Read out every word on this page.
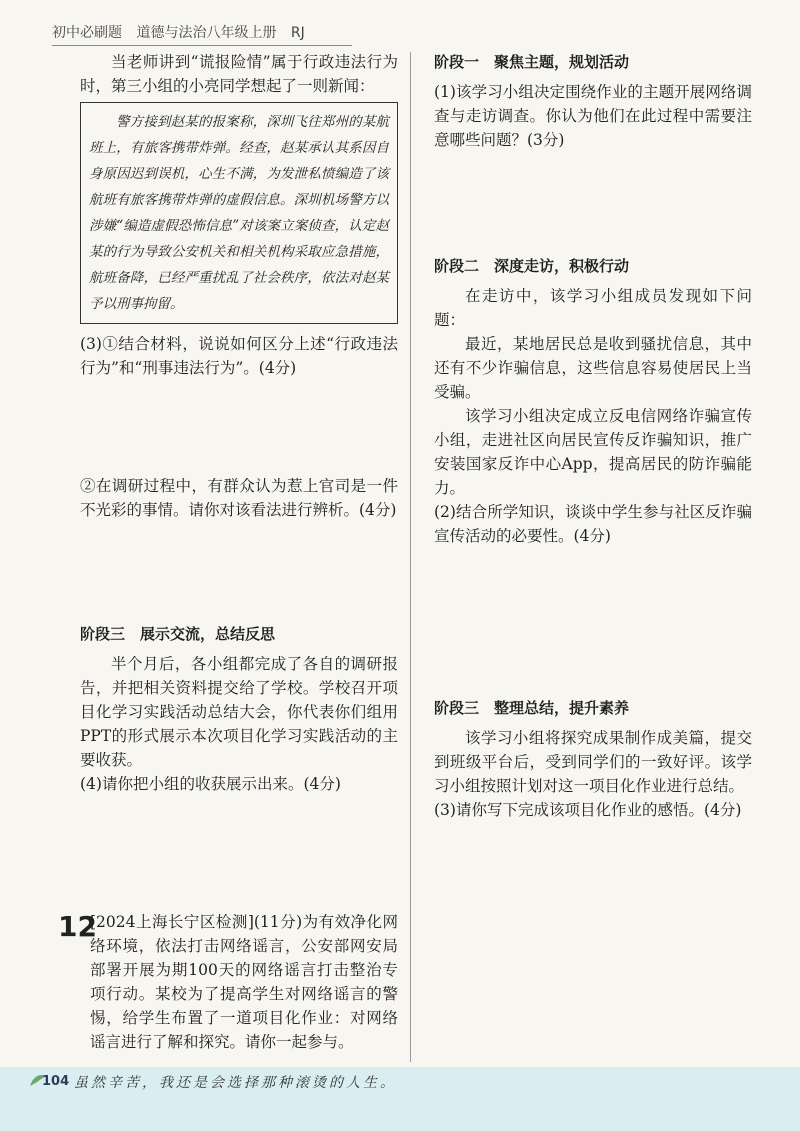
初中必刷题 道德与法治八年级上册 RJ

当老师讲到“谎报险情”属于行政违法行为时，第三小组的小亮同学想起了一则新闻：

警方接到赵某的报案称，深圳飞往郑州的某航班上，有旅客携带炸弹。经查，赵某承认其系因自身原因迟到误机，心生不满，为发泄私愤编造了该航班有旅客携带炸弹的虚假信息。深圳机场警方以涉嫌“编造虚假恐怖信息”对该案立案侦查，认定赵某的行为导致公安机关和相关机构采取应急措施，航班备降，已经严重扰乱了社会秩序，依法对赵某予以刑事拘留。

(3)①结合材料，说说如何区分上述“行政违法行为”和“刑事违法行为”。(4分)

②在调研过程中，有群众认为惹上官司是一件不光彩的事情。请你对该看法进行辨析。(4分)

阶段三　展示交流，总结反思

半个月后，各小组都完成了各自的调研报告，并把相关资料提交给了学校。学校召开项目化学习实践活动总结大会，你代表你们组用PPT的形式展示本次项目化学习实践活动的主要收获。

(4)请你把小组的收获展示出来。(4分)

12

[2024上海长宁区检测](11分)为有效净化网络环境，依法打击网络谣言，公安部网安局部署开展为期100天的网络谣言打击整治专项行动。某校为了提高学生对网络谣言的警惕，给学生布置了一道项目化作业：对网络谣言进行了解和探究。请你一起参与。

阶段一　聚焦主题，规划活动

(1)该学习小组决定围绕作业的主题开展网络调查与走访调查。你认为他们在此过程中需要注意哪些问题？(3分)

阶段二　深度走访，积极行动

在走访中，该学习小组成员发现如下问题：

最近，某地居民总是收到骚扰信息，其中还有不少诈骗信息，这些信息容易使居民上当受骗。

该学习小组决定成立反电信网络诈骗宣传小组，走进社区向居民宣传反诈骗知识，推广安装国家反诈中心App，提高居民的防诈骗能力。

(2)结合所学知识，谈谈中学生参与社区反诈骗宣传活动的必要性。(4分)

阶段三　整理总结，提升素养

该学习小组将探究成果制作成美篇，提交到班级平台后，受到同学们的一致好评。该学习小组按照计划对这一项目化作业进行总结。

(3)请你写下完成该项目化作业的感悟。(4分)

104 虽然辛苦，我还是会选择那种滚烫的人生。
